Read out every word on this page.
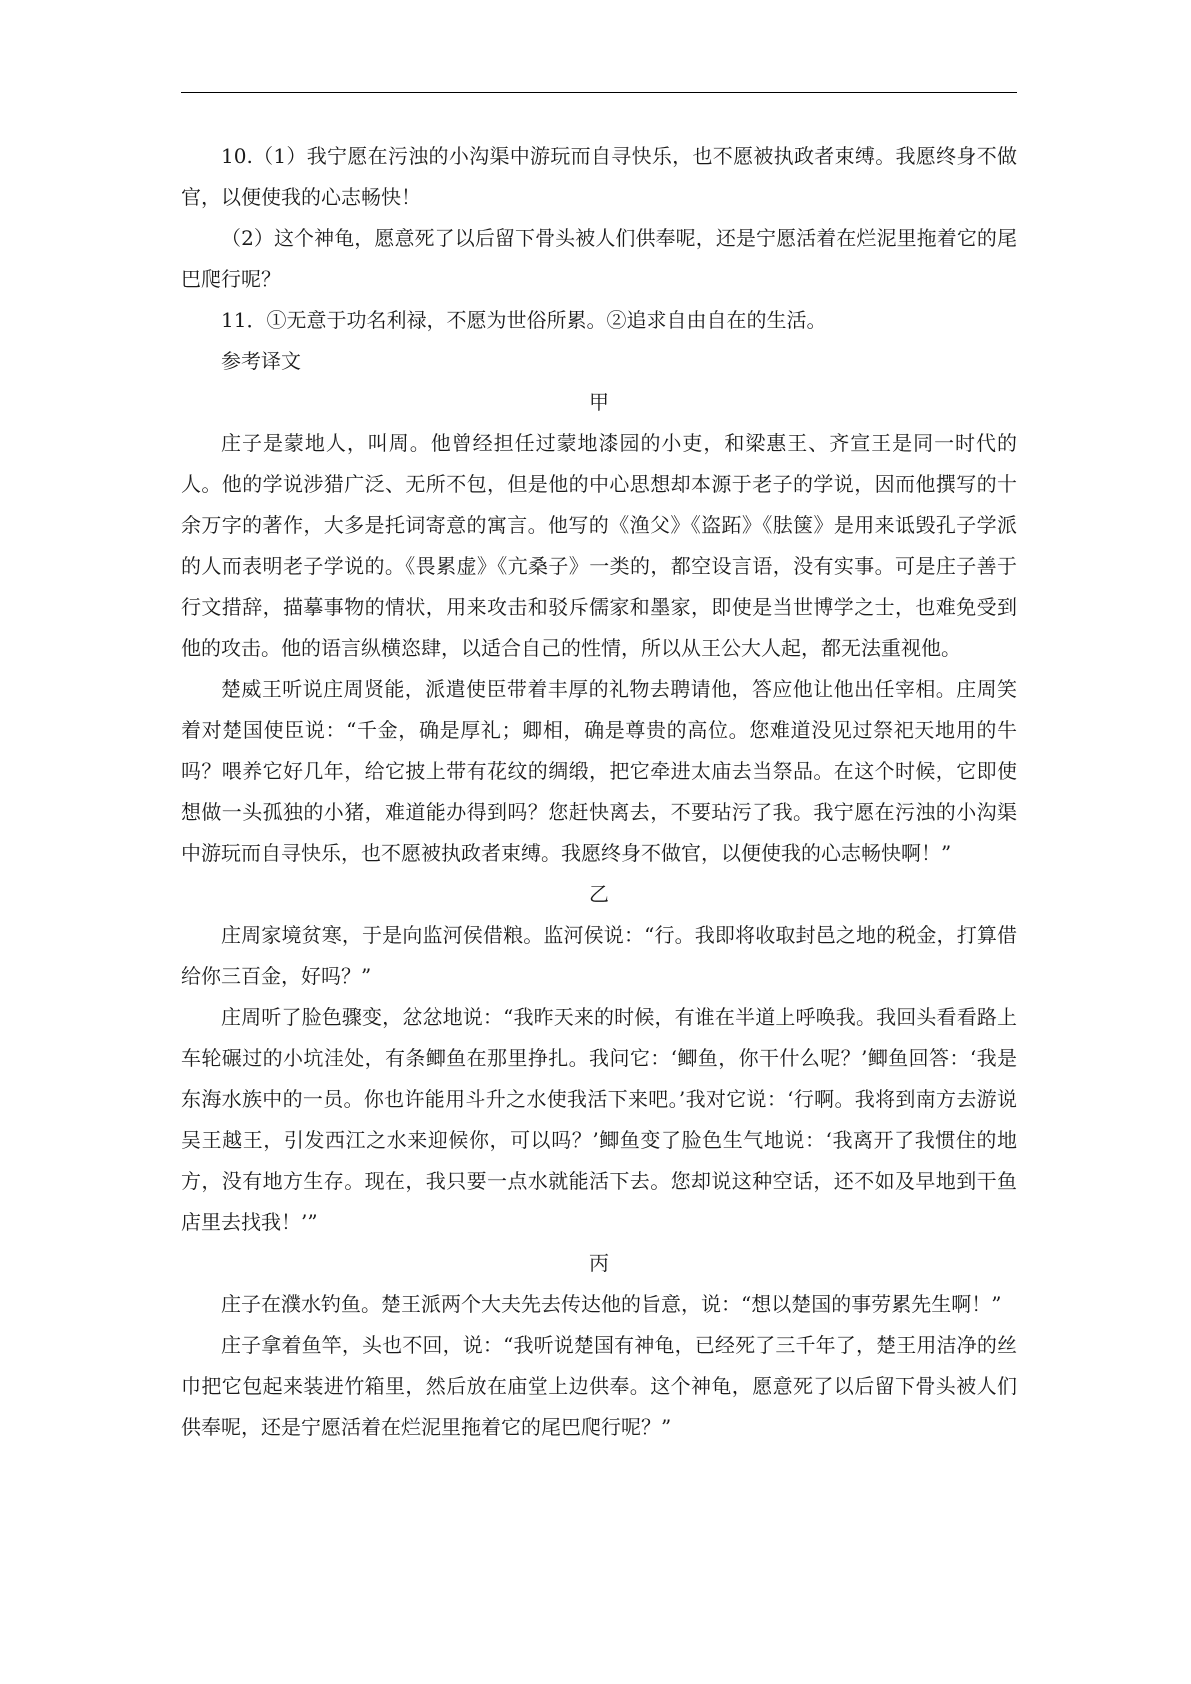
10.（1）我宁愿在污浊的小沟渠中游玩而自寻快乐，也不愿被执政者束缚。我愿终身不做官，以便使我的心志畅快！

（2）这个神龟，愿意死了以后留下骨头被人们供奉呢，还是宁愿活着在烂泥里拖着它的尾巴爬行呢？

11．①无意于功名利禄，不愿为世俗所累。②追求自由自在的生活。

参考译文

甲

庄子是蒙地人，叫周。他曾经担任过蒙地漆园的小吏，和梁惠王、齐宣王是同一时代的人。他的学说涉猎广泛、无所不包，但是他的中心思想却本源于老子的学说，因而他撰写的十余万字的著作，大多是托词寄意的寓言。他写的《渔父》《盗跖》《胠箧》是用来诋毁孔子学派的人而表明老子学说的。《畏累虚》《亢桑子》一类的，都空设言语，没有实事。可是庄子善于行文措辞，描摹事物的情状，用来攻击和驳斥儒家和墨家，即使是当世博学之士，也难免受到他的攻击。他的语言纵横恣肆，以适合自己的性情，所以从王公大人起，都无法重视他。

楚威王听说庄周贤能，派遣使臣带着丰厚的礼物去聘请他，答应他让他出任宰相。庄周笑着对楚国使臣说：“千金，确是厚礼；卿相，确是尊贵的高位。您难道没见过祭祀天地用的牛吗？喂养它好几年，给它披上带有花纹的绸缎，把它牵进太庙去当祭品。在这个时候，它即使想做一头孤独的小猪，难道能办得到吗？您赶快离去，不要玷污了我。我宁愿在污浊的小沟渠中游玩而自寻快乐，也不愿被执政者束缚。我愿终身不做官，以便使我的心志畅快啊！”

乙

庄周家境贫寒，于是向监河侯借粮。监河侯说：“行。我即将收取封邑之地的税金，打算借给你三百金，好吗？”

庄周听了脸色骤变，忿忿地说：“我昨天来的时候，有谁在半道上呼唤我。我回头看看路上车轮碾过的小坑洼处，有条鲫鱼在那里挣扎。我问它：‘鲫鱼，你干什么呢？’鲫鱼回答：‘我是东海水族中的一员。你也许能用斗升之水使我活下来吧。’我对它说：‘行啊。我将到南方去游说吴王越王，引发西江之水来迎候你，可以吗？’鲫鱼变了脸色生气地说：‘我离开了我惯住的地方，没有地方生存。现在，我只要一点水就能活下去。您却说这种空话，还不如及早地到干鱼店里去找我！’”

丙

庄子在濮水钓鱼。楚王派两个大夫先去传达他的旨意，说：“想以楚国的事劳累先生啊！”

庄子拿着鱼竿，头也不回，说：“我听说楚国有神龟，已经死了三千年了，楚王用洁净的丝巾把它包起来装进竹箱里，然后放在庙堂上边供奉。这个神龟，愿意死了以后留下骨头被人们供奉呢，还是宁愿活着在烂泥里拖着它的尾巴爬行呢？”
